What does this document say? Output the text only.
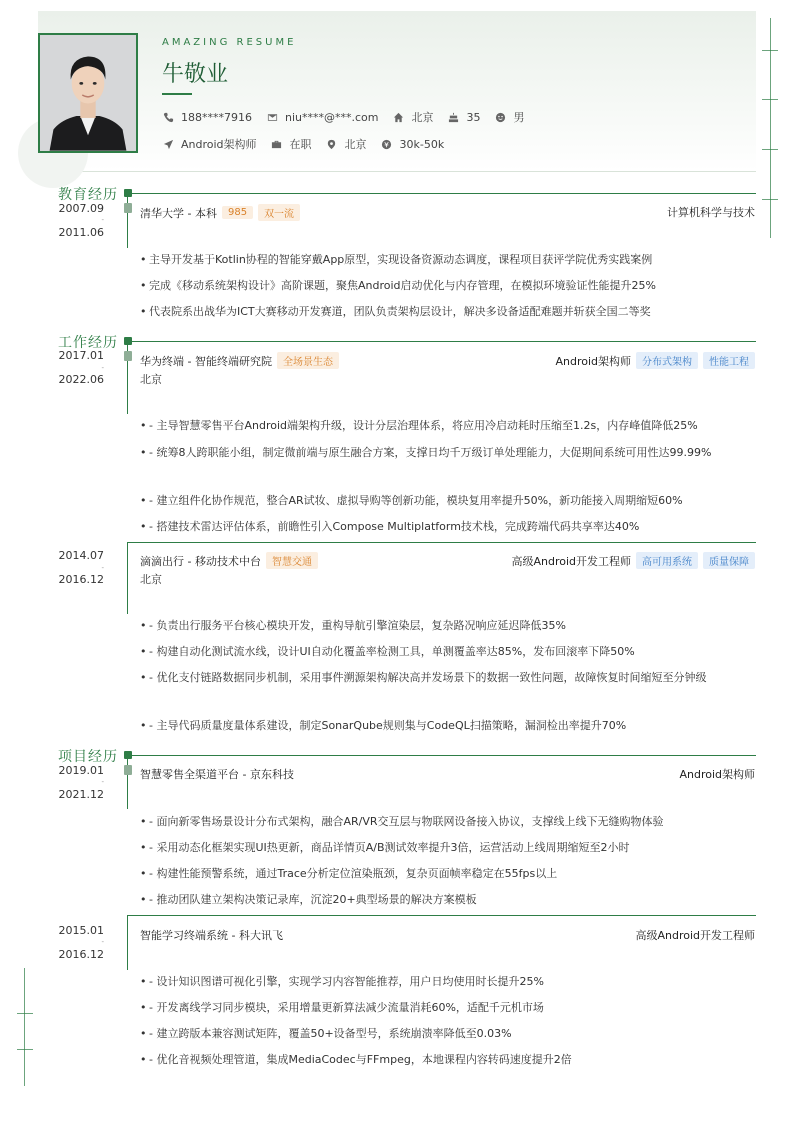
AMAZING RESUME
牛敬业
188****7916	niu****@***.com	北京	35	男
Android架构师	在职	北京	30k-50k
教育经历
2007.09
-
2011.06
清华大学 - 本科	985	双一流	计算机科学与技术
• 主导开发基于Kotlin协程的智能穿戴App原型，实现设备资源动态调度，课程项目获评学院优秀实践案例
• 完成《移动系统架构设计》高阶课题，聚焦Android启动优化与内存管理，在模拟环境验证性能提升25%
• 代表院系出战华为ICT大赛移动开发赛道，团队负责架构层设计，解决多设备适配难题并斩获全国二等奖
工作经历
2017.01
-
2022.06
华为终端 - 智能终端研究院	全场景生态	Android架构师	分布式架构	性能工程
北京
• - 主导智慧零售平台Android端架构升级，设计分层治理体系，将应用冷启动耗时压缩至1.2s，内存峰值降低25%
• - 统筹8人跨职能小组，制定微前端与原生融合方案，支撑日均千万级订单处理能力，大促期间系统可用性达99.99%
• - 建立组件化协作规范，整合AR试妆、虚拟导购等创新功能，模块复用率提升50%，新功能接入周期缩短60%
• - 搭建技术雷达评估体系，前瞻性引入Compose Multiplatform技术栈，完成跨端代码共享率达40%
2014.07
-
2016.12
滴滴出行 - 移动技术中台	智慧交通	高级Android开发工程师	高可用系统	质量保障
北京
• - 负责出行服务平台核心模块开发，重构导航引擎渲染层，复杂路况响应延迟降低35%
• - 构建自动化测试流水线，设计UI自动化覆盖率检测工具，单测覆盖率达85%，发布回滚率下降50%
• - 优化支付链路数据同步机制，采用事件溯源架构解决高并发场景下的数据一致性问题，故障恢复时间缩短至分钟级
• - 主导代码质量度量体系建设，制定SonarQube规则集与CodeQL扫描策略，漏洞检出率提升70%
项目经历
2019.01
-
2021.12
智慧零售全渠道平台 - 京东科技	Android架构师
• - 面向新零售场景设计分布式架构，融合AR/VR交互层与物联网设备接入协议，支撑线上线下无缝购物体验
• - 采用动态化框架实现UI热更新，商品详情页A/B测试效率提升3倍，运营活动上线周期缩短至2小时
• - 构建性能预警系统，通过Trace分析定位渲染瓶颈，复杂页面帧率稳定在55fps以上
• - 推动团队建立架构决策记录库，沉淀20+典型场景的解决方案模板
2015.01
-
2016.12
智能学习终端系统 - 科大讯飞	高级Android开发工程师
• - 设计知识图谱可视化引擎，实现学习内容智能推荐，用户日均使用时长提升25%
• - 开发离线学习同步模块，采用增量更新算法减少流量消耗60%，适配千元机市场
• - 建立跨版本兼容测试矩阵，覆盖50+设备型号，系统崩溃率降低至0.03%
• - 优化音视频处理管道，集成MediaCodec与FFmpeg，本地课程内容转码速度提升2倍
